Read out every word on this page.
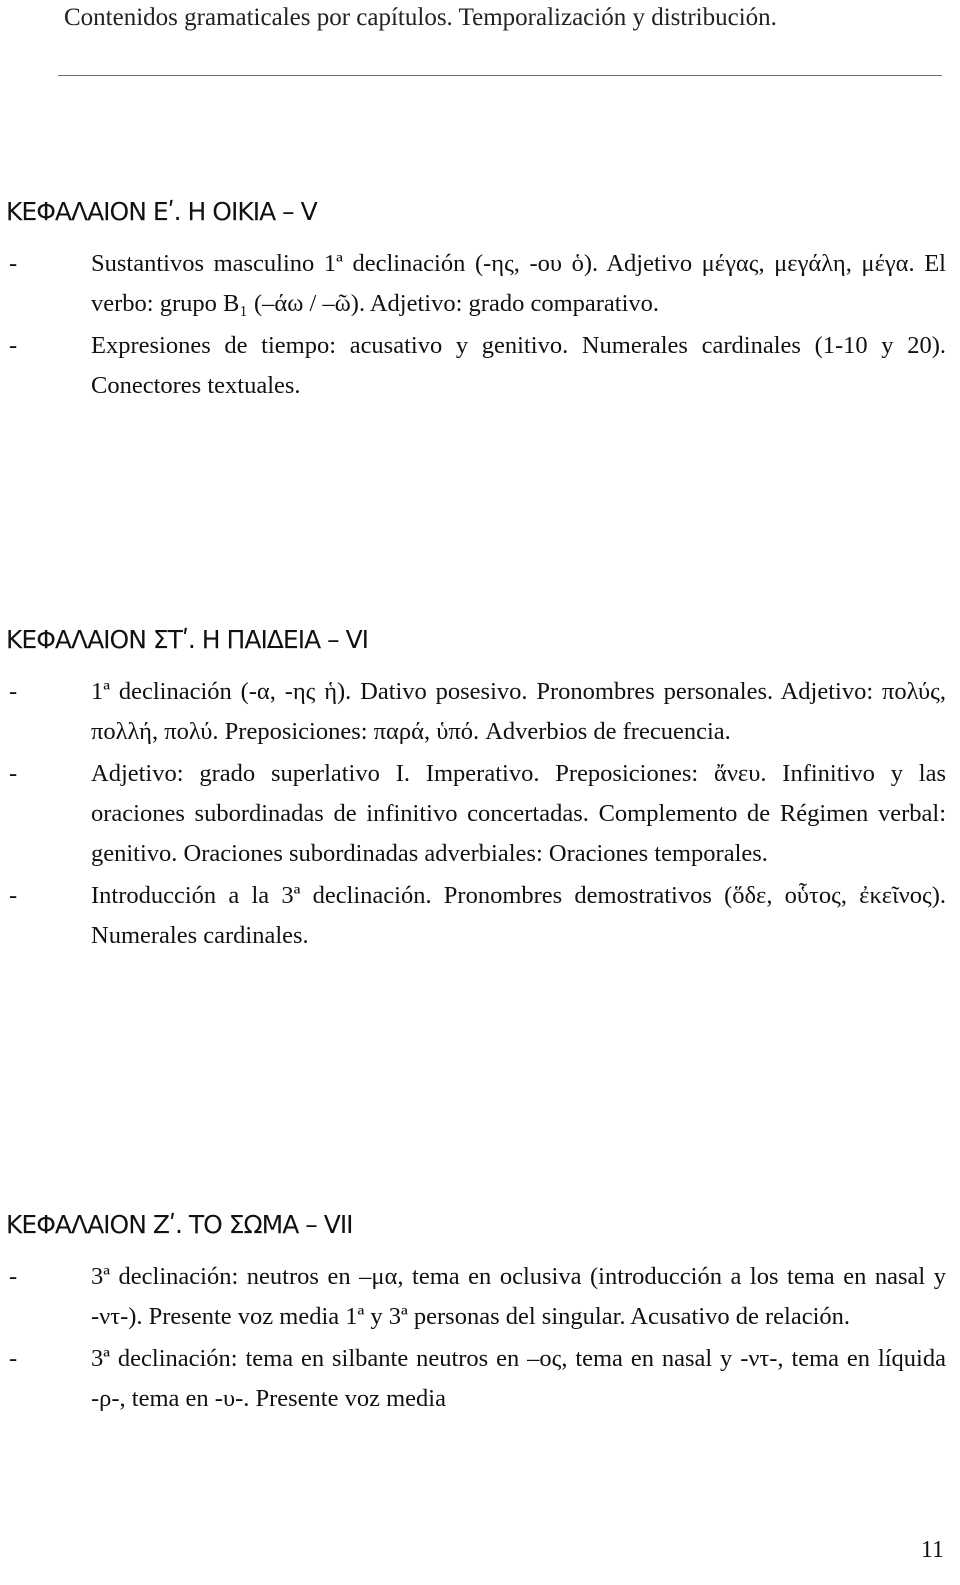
Contenidos gramaticales por capítulos. Temporalización y distribución.
ΚΕΦΑΛΑΙΟΝ Εʹ. Η ΟΙΚΙΑ – V
- Sustantivos masculino 1ª declinación (-ης, -ου ὁ). Adjetivo μέγας, μεγάλη, μέγα. El verbo: grupo B₁ (–άω / –ῶ). Adjetivo: grado comparativo.
- Expresiones de tiempo: acusativo y genitivo. Numerales cardinales (1-10 y 20). Conectores textuales.
ΚΕΦΑΛΑΙΟΝ ΣΤʹ. Η ΠΑΙΔΕΙΑ – VI
- 1ª declinación (-α, -ης ἡ). Dativo posesivo. Pronombres personales. Adjetivo: πολύς, πολλή, πολύ. Preposiciones: παρά, ὑπό. Adverbios de frecuencia.
- Adjetivo: grado superlativo I. Imperativo. Preposiciones: ἄνευ. Infinitivo y las oraciones subordinadas de infinitivo concertadas. Complemento de Régimen verbal: genitivo. Oraciones subordinadas adverbiales: Oraciones temporales.
- Introducción a la 3ª declinación. Pronombres demostrativos (ὅδε, οὗτος, ἐκεῖνος). Numerales cardinales.
ΚΕΦΑΛΑΙΟΝ Ζʹ. ΤΟ ΣΩΜΑ – VII
- 3ª declinación: neutros en –μα, tema en oclusiva (introducción a los tema en nasal y -ντ-). Presente voz media 1ª y 3ª personas del singular. Acusativo de relación.
- 3ª declinación: tema en silbante neutros en –ος, tema en nasal y -ντ-, tema en líquida -ρ-, tema en -υ-. Presente voz media
11
